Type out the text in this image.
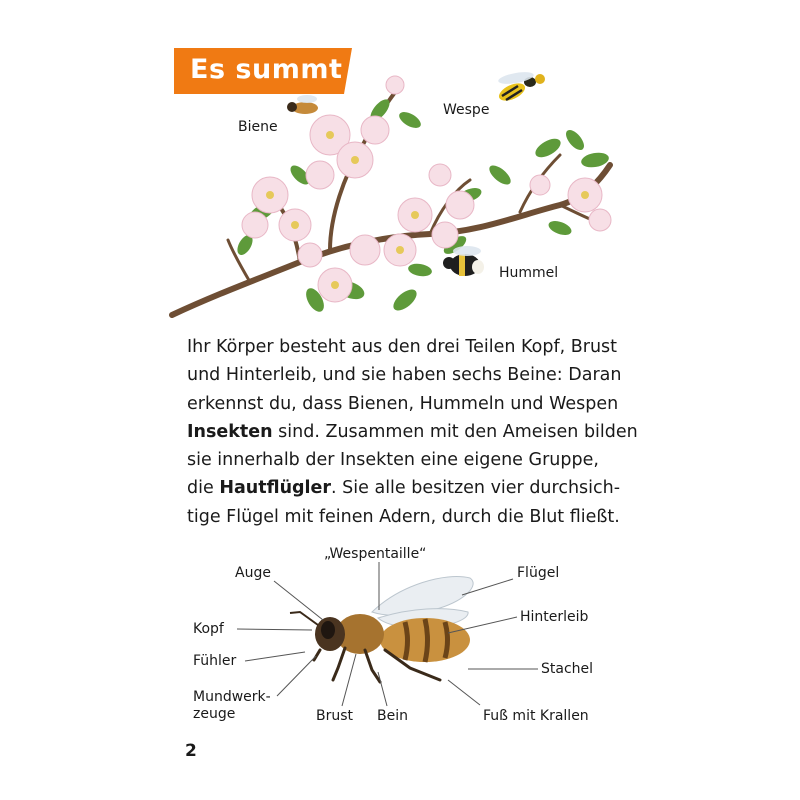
Es summt ...
Biene
Wespe
Hummel
Ihr Körper besteht aus den drei Teilen Kopf, Brust
und Hinterleib, und sie haben sechs Beine: Daran
erkennst du, dass Bienen, Hummeln und Wespen
Insekten sind. Zusammen mit den Ameisen bilden
sie innerhalb der Insekten eine eigene Gruppe,
die Hautflügler. Sie alle besitzen vier durchsich-
tige Flügel mit feinen Adern, durch die Blut fließt.
„Wespentaille“
Auge
Kopf
Fühler
Mundwerk-
zeuge	Brust Bein
Flügel
Hinterleib
Stachel
Fuß mit Krallen
2
